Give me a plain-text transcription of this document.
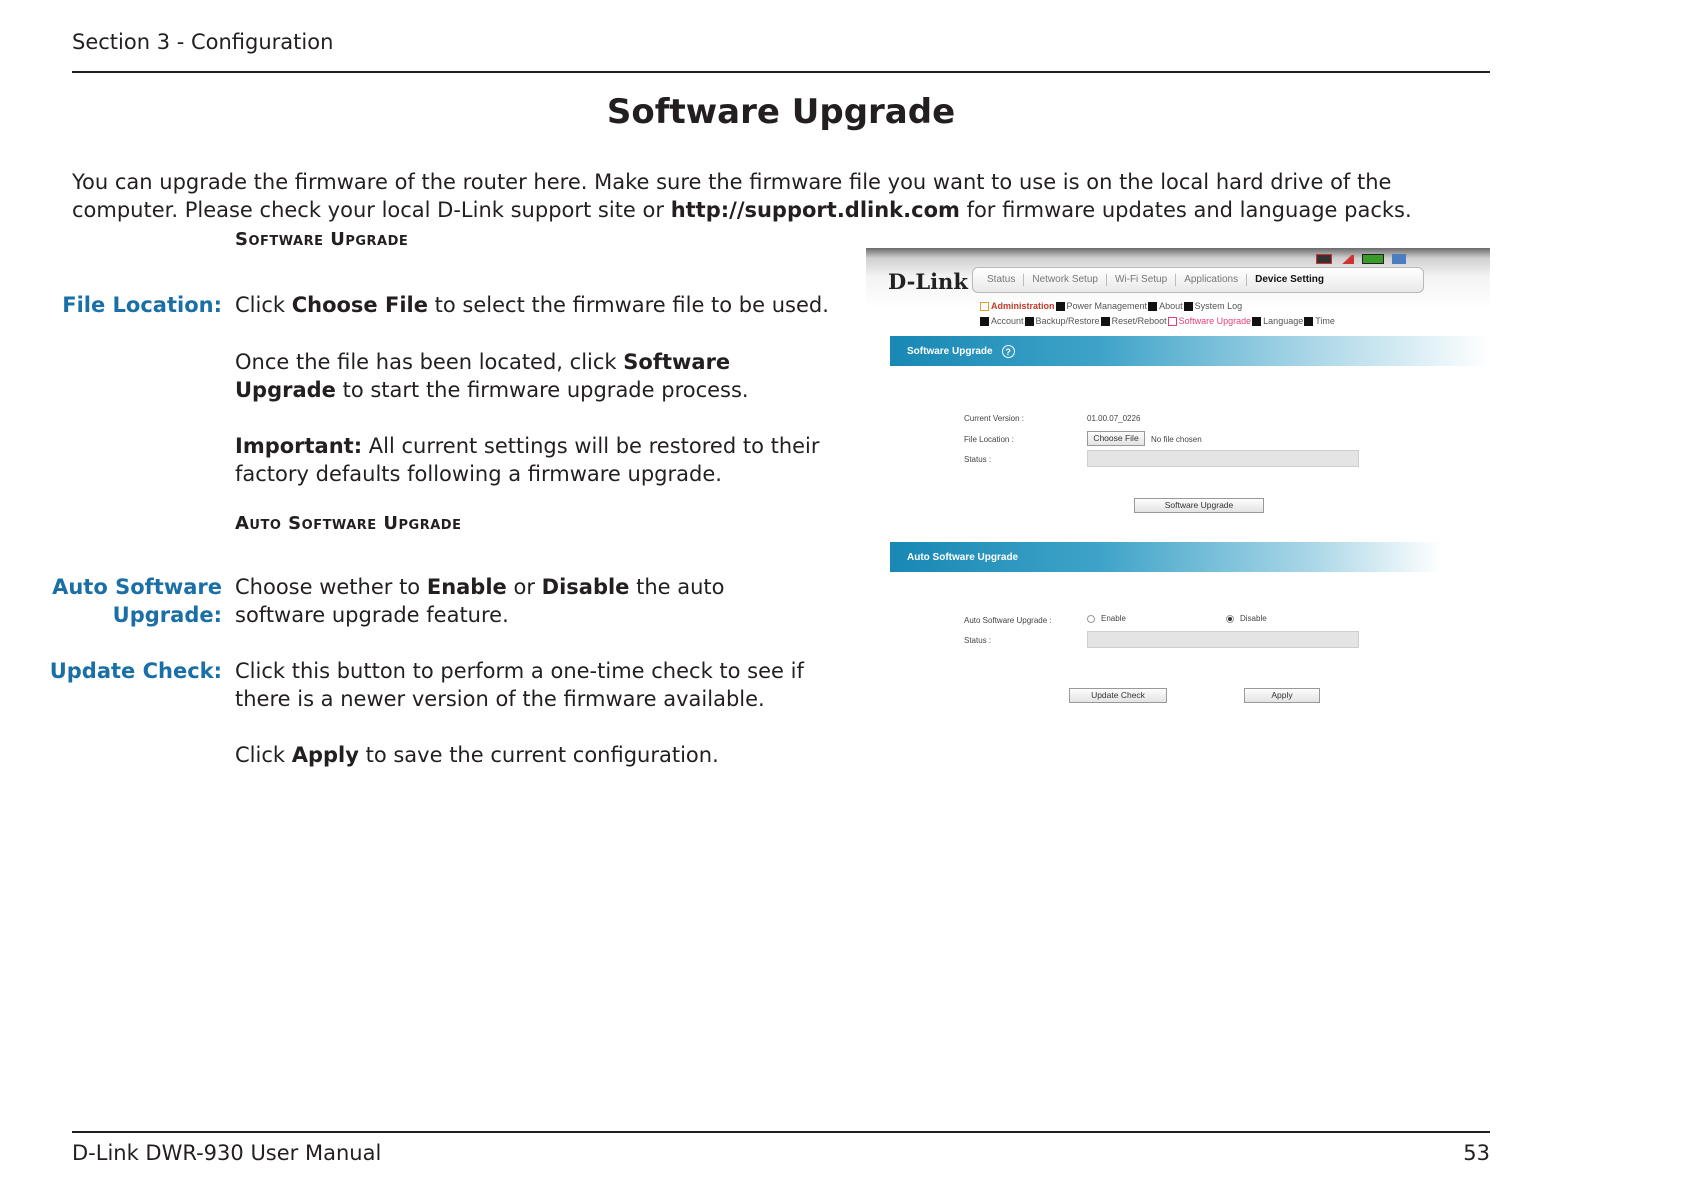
Section 3 - Configuration
Software Upgrade
You can upgrade the firmware of the router here. Make sure the firmware file you want to use is on the local hard drive of the computer. Please check your local D-Link support site or http://support.dlink.com for firmware updates and language packs.
Software Upgrade
File Location: Click Choose File to select the firmware file to be used.
Once the file has been located, click Software Upgrade to start the firmware upgrade process.
Important: All current settings will be restored to their factory defaults following a firmware upgrade.
Auto Software Upgrade
Auto Software
Upgrade:
Choose wether to Enable or Disable the auto software upgrade feature.
Update Check: Click this button to perform a one-time check to see if there is a newer version of the firmware available.
Click Apply to save the current configuration.
D-Link	Status	Network Setup	Wi-Fi Setup	Applications	Device Setting
Administration Power Management About System Log
Account Backup/Restore Reset/Reboot Software Upgrade Language Time
Software Upgrade	?
Current Version :	01.00.07_0226
File Location :	Choose File	No file chosen
Status :
Software Upgrade
Auto Software Upgrade
Auto Software Upgrade :	Enable	Disable
Status :
Update Check	Apply
D-Link DWR-930 User Manual	53
